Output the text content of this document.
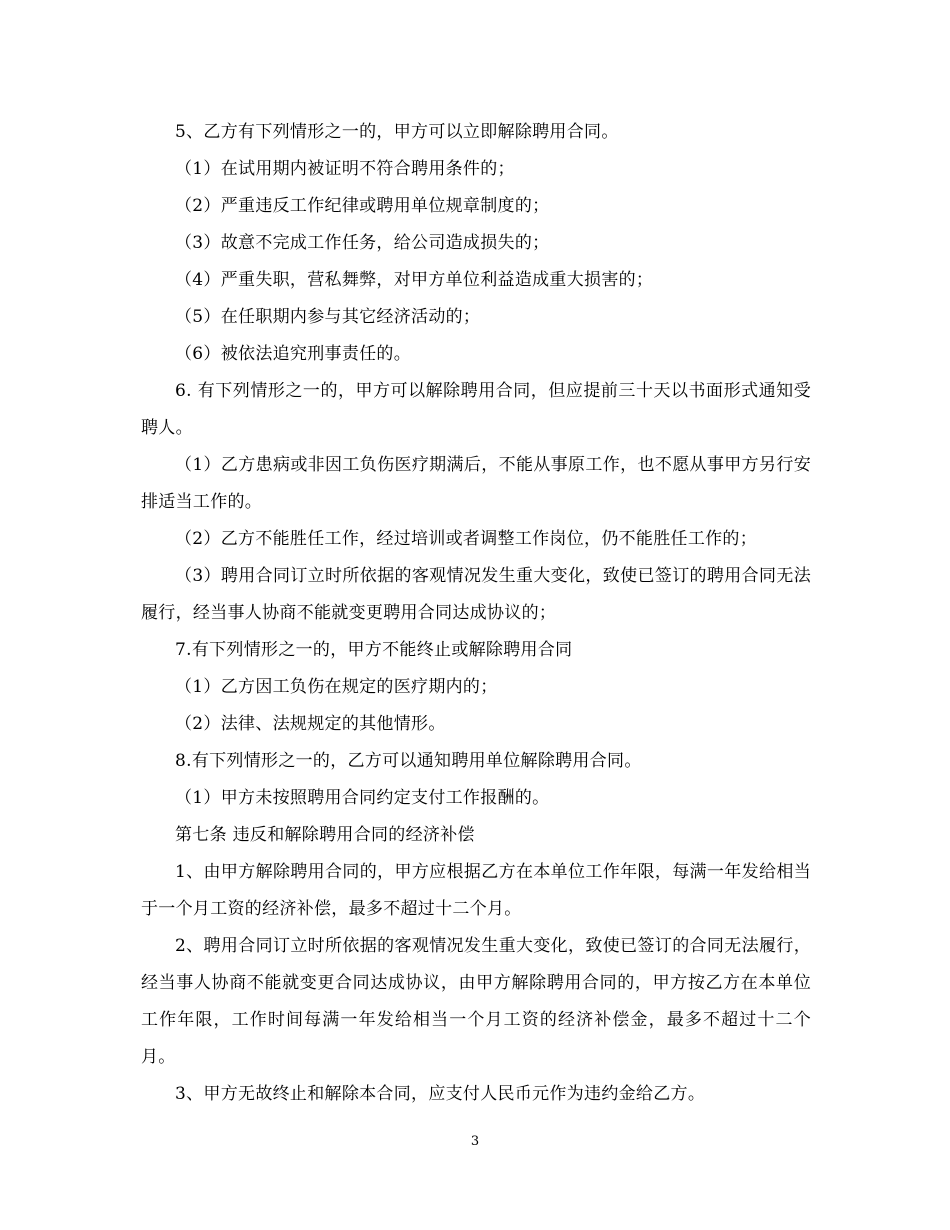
5、乙方有下列情形之一的，甲方可以立即解除聘用合同。

（1）在试用期内被证明不符合聘用条件的；

（2）严重违反工作纪律或聘用单位规章制度的；

（3）故意不完成工作任务，给公司造成损失的；

（4）严重失职，营私舞弊，对甲方单位利益造成重大损害的；

（5）在任职期内参与其它经济活动的；

（6）被依法追究刑事责任的。

6. 有下列情形之一的，甲方可以解除聘用合同，但应提前三十天以书面形式通知受聘人。

（1）乙方患病或非因工负伤医疗期满后，不能从事原工作，也不愿从事甲方另行安排适当工作的。

（2）乙方不能胜任工作，经过培训或者调整工作岗位，仍不能胜任工作的；

（3）聘用合同订立时所依据的客观情况发生重大变化，致使已签订的聘用合同无法履行，经当事人协商不能就变更聘用合同达成协议的；

7.有下列情形之一的，甲方不能终止或解除聘用合同

（1）乙方因工负伤在规定的医疗期内的；

（2）法律、法规规定的其他情形。

8.有下列情形之一的，乙方可以通知聘用单位解除聘用合同。

（1）甲方未按照聘用合同约定支付工作报酬的。

第七条 违反和解除聘用合同的经济补偿

1、由甲方解除聘用合同的，甲方应根据乙方在本单位工作年限，每满一年发给相当于一个月工资的经济补偿，最多不超过十二个月。

2、聘用合同订立时所依据的客观情况发生重大变化，致使已签订的合同无法履行，经当事人协商不能就变更合同达成协议，由甲方解除聘用合同的，甲方按乙方在本单位工作年限，工作时间每满一年发给相当一个月工资的经济补偿金，最多不超过十二个月。

3、甲方无故终止和解除本合同，应支付人民币元作为违约金给乙方。

3
